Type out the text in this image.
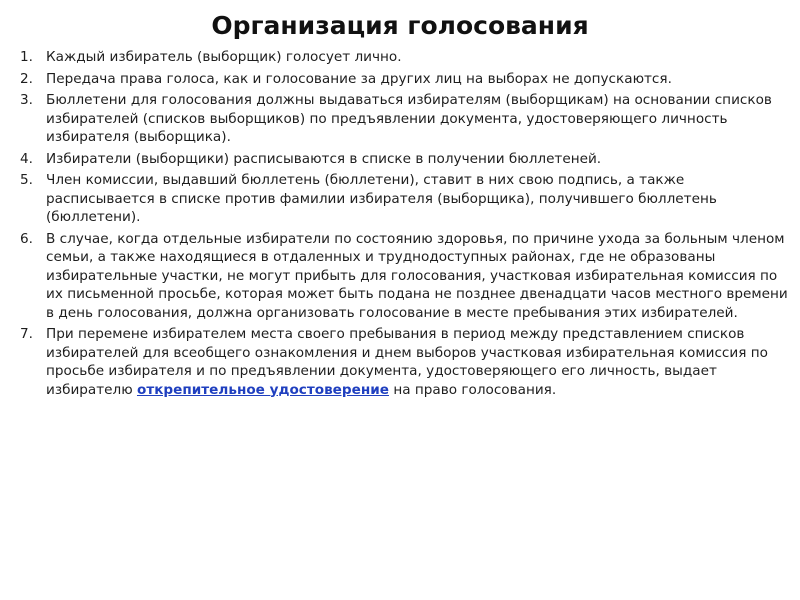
Организация голосования
1. Каждый избиратель (выборщик) голосует лично.
2. Передача права голоса, как и голосование за других лиц на выборах не допускаются.
3. Бюллетени для голосования должны выдаваться избирателям (выборщикам) на основании списков избирателей (списков выборщиков) по предъявлении документа, удостоверяющего личность избирателя (выборщика).
4. Избиратели (выборщики) расписываются в списке в получении бюллетеней.
5. Член комиссии, выдавший бюллетень (бюллетени), ставит в них свою подпись, а также расписывается в списке против фамилии избирателя (выборщика), получившего бюллетень (бюллетени).
6. В случае, когда отдельные избиратели по состоянию здоровья, по причине ухода за больным членом семьи, а также находящиеся в отдаленных и труднодоступных районах, где не образованы избирательные участки, не могут прибыть для голосования, участковая избирательная комиссия по их письменной просьбе, которая может быть подана не позднее двенадцати часов местного времени в день голосования, должна организовать голосование в месте пребывания этих избирателей.
7. При перемене избирателем места своего пребывания в период между представлением списков избирателей для всеобщего ознакомления и днем выборов участковая избирательная комиссия по просьбе избирателя и по предъявлении документа, удостоверяющего его личность, выдает избирателю открепительное удостоверение на право голосования.
